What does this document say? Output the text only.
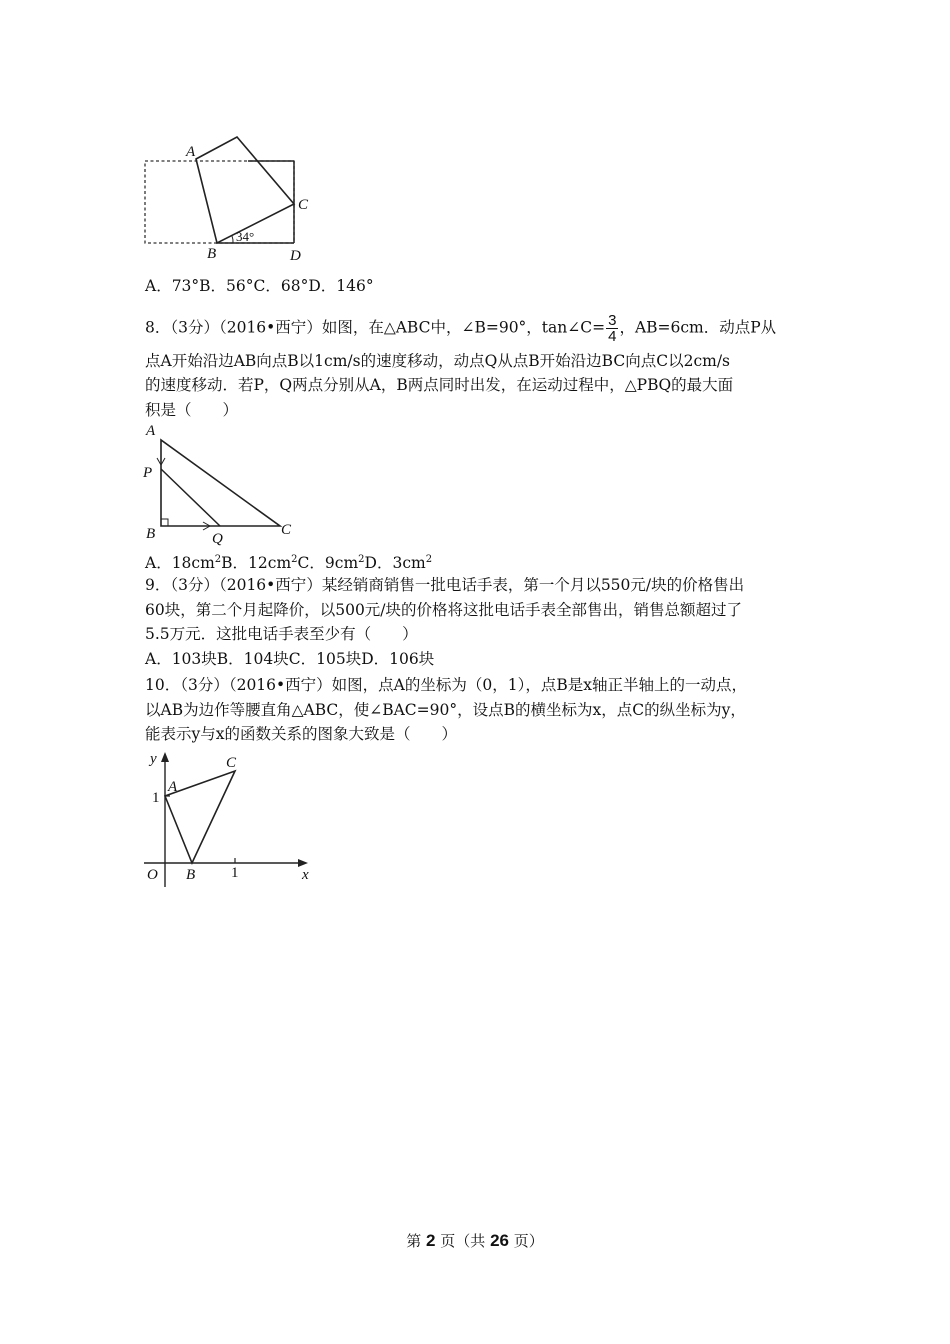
A
C
B	D
34°
A．73°B．56°C．68°D．146°
8．（3分）（2016•西宁）如图，在△ABC中，∠B=90°，tan∠C= $\frac{3}{4}$ ，AB=6cm．动点P从
点A开始沿边AB向点B以1cm/s的速度移动，动点Q从点B开始沿边BC向点C以2cm/s
的速度移动．若P，Q两点分别从A，B两点同时出发，在运动过程中，△PBQ的最大面
积是（　　）
A
P
B	Q
C
A．$18cm^2B$．$12cm^2C$．$9cm^2D$．$3cm^2$
9．（3分）（2016•西宁）某经销商销售一批电话手表，第一个月以550元/块的价格售出
60块，第二个月起降价，以500元/块的价格将这批电话手表全部售出，销售总额超过了
5.5万元．这批电话手表至少有（　　）
A．103块B．104块C．105块D．106块
10．（3分）（2016•西宁）如图，点A的坐标为（0，1），点B是x轴正半轴上的一动点，
以AB为边作等腰直角△ABC，使∠BAC=90°，设点B的横坐标为x，点C的纵坐标为y，
能表示y与x的函数关系的图象大致是（　　）
y
x
O
A
B
C
1
1
第 2 页（共 26 页）
